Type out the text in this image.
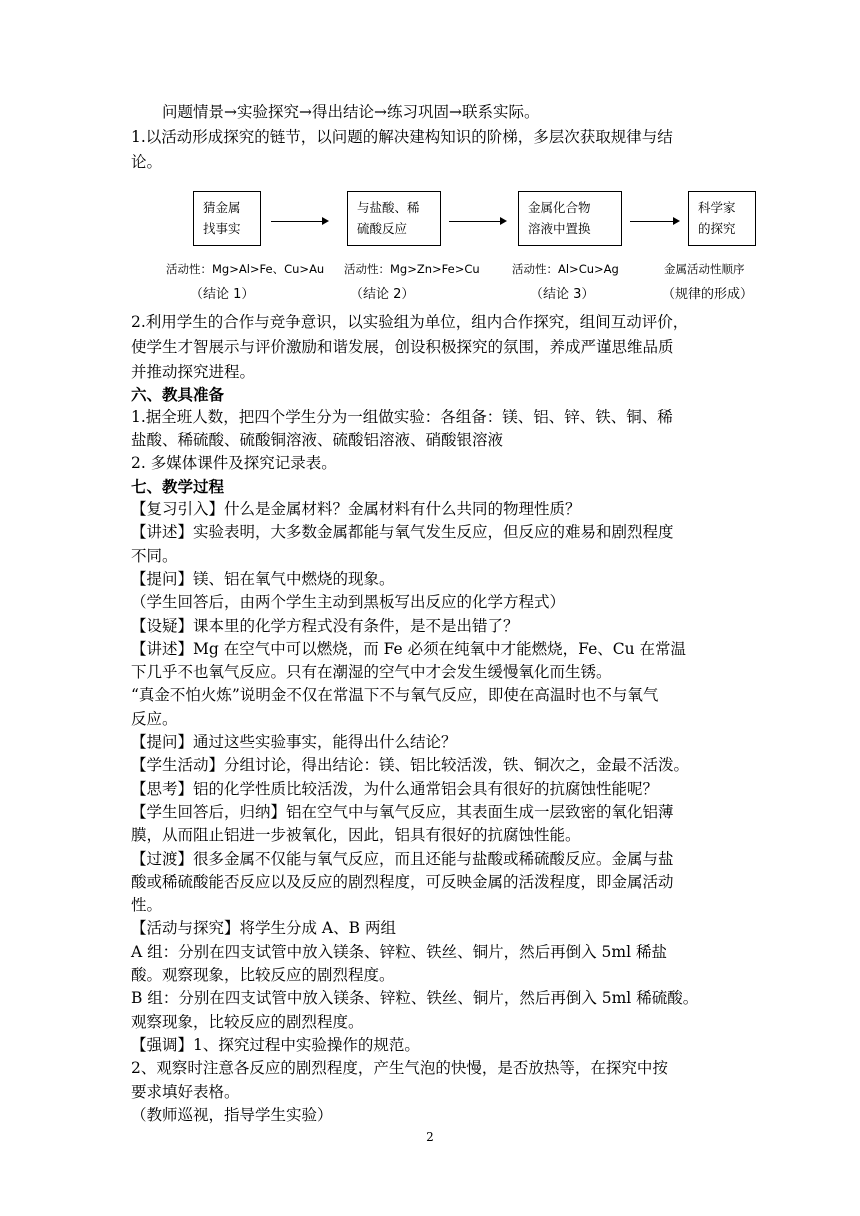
问题情景→实验探究→得出结论→练习巩固→联系实际。
1.以活动形成探究的链节，以问题的解决建构知识的阶梯，多层次获取规律与结
论。
猜金属
找事实
与盐酸、稀
硫酸反应
金属化合物
溶液中置换
科学家
的探究
活动性：Mg>Al>Fe、Cu>Au 活动性：Mg>Zn>Fe>Cu	活动性：Al>Cu>Ag	金属活动性顺序
（结论 1）	（结论 2）	（结论 3）	（规律的形成）
2.利用学生的合作与竞争意识，以实验组为单位，组内合作探究，组间互动评价，
使学生才智展示与评价激励和谐发展，创设积极探究的氛围，养成严谨思维品质
并推动探究进程。
六、教具准备
1.据全班人数，把四个学生分为一组做实验：各组备：镁、铝、锌、铁、铜、稀
盐酸、稀硫酸、硫酸铜溶液、硫酸铝溶液、硝酸银溶液
2. 多媒体课件及探究记录表。
七、教学过程
【复习引入】什么是金属材料？金属材料有什么共同的物理性质？
【讲述】实验表明，大多数金属都能与氧气发生反应，但反应的难易和剧烈程度
不同。
【提问】镁、铝在氧气中燃烧的现象。
（学生回答后，由两个学生主动到黑板写出反应的化学方程式）
【设疑】课本里的化学方程式没有条件，是不是出错了？
【讲述】Mg 在空气中可以燃烧，而 Fe 必须在纯氧中才能燃烧，Fe、Cu 在常温
下几乎不也氧气反应。只有在潮湿的空气中才会发生缓慢氧化而生锈。
“真金不怕火炼”说明金不仅在常温下不与氧气反应，即使在高温时也不与氧气
反应。
【提问】通过这些实验事实，能得出什么结论？
【学生活动】分组讨论，得出结论：镁、铝比较活泼，铁、铜次之，金最不活泼。
【思考】铝的化学性质比较活泼，为什么通常铝会具有很好的抗腐蚀性能呢？
【学生回答后，归纳】铝在空气中与氧气反应，其表面生成一层致密的氧化铝薄
膜，从而阻止铝进一步被氧化，因此，铝具有很好的抗腐蚀性能。
【过渡】很多金属不仅能与氧气反应，而且还能与盐酸或稀硫酸反应。金属与盐
酸或稀硫酸能否反应以及反应的剧烈程度，可反映金属的活泼程度，即金属活动
性。
【活动与探究】将学生分成 A、B 两组
A 组：分别在四支试管中放入镁条、锌粒、铁丝、铜片，然后再倒入 5ml 稀盐
酸。观察现象，比较反应的剧烈程度。
B 组：分别在四支试管中放入镁条、锌粒、铁丝、铜片，然后再倒入 5ml 稀硫酸。
观察现象，比较反应的剧烈程度。
【强调】1、探究过程中实验操作的规范。
2、观察时注意各反应的剧烈程度，产生气泡的快慢，是否放热等，在探究中按
要求填好表格。
（教师巡视，指导学生实验）
2
